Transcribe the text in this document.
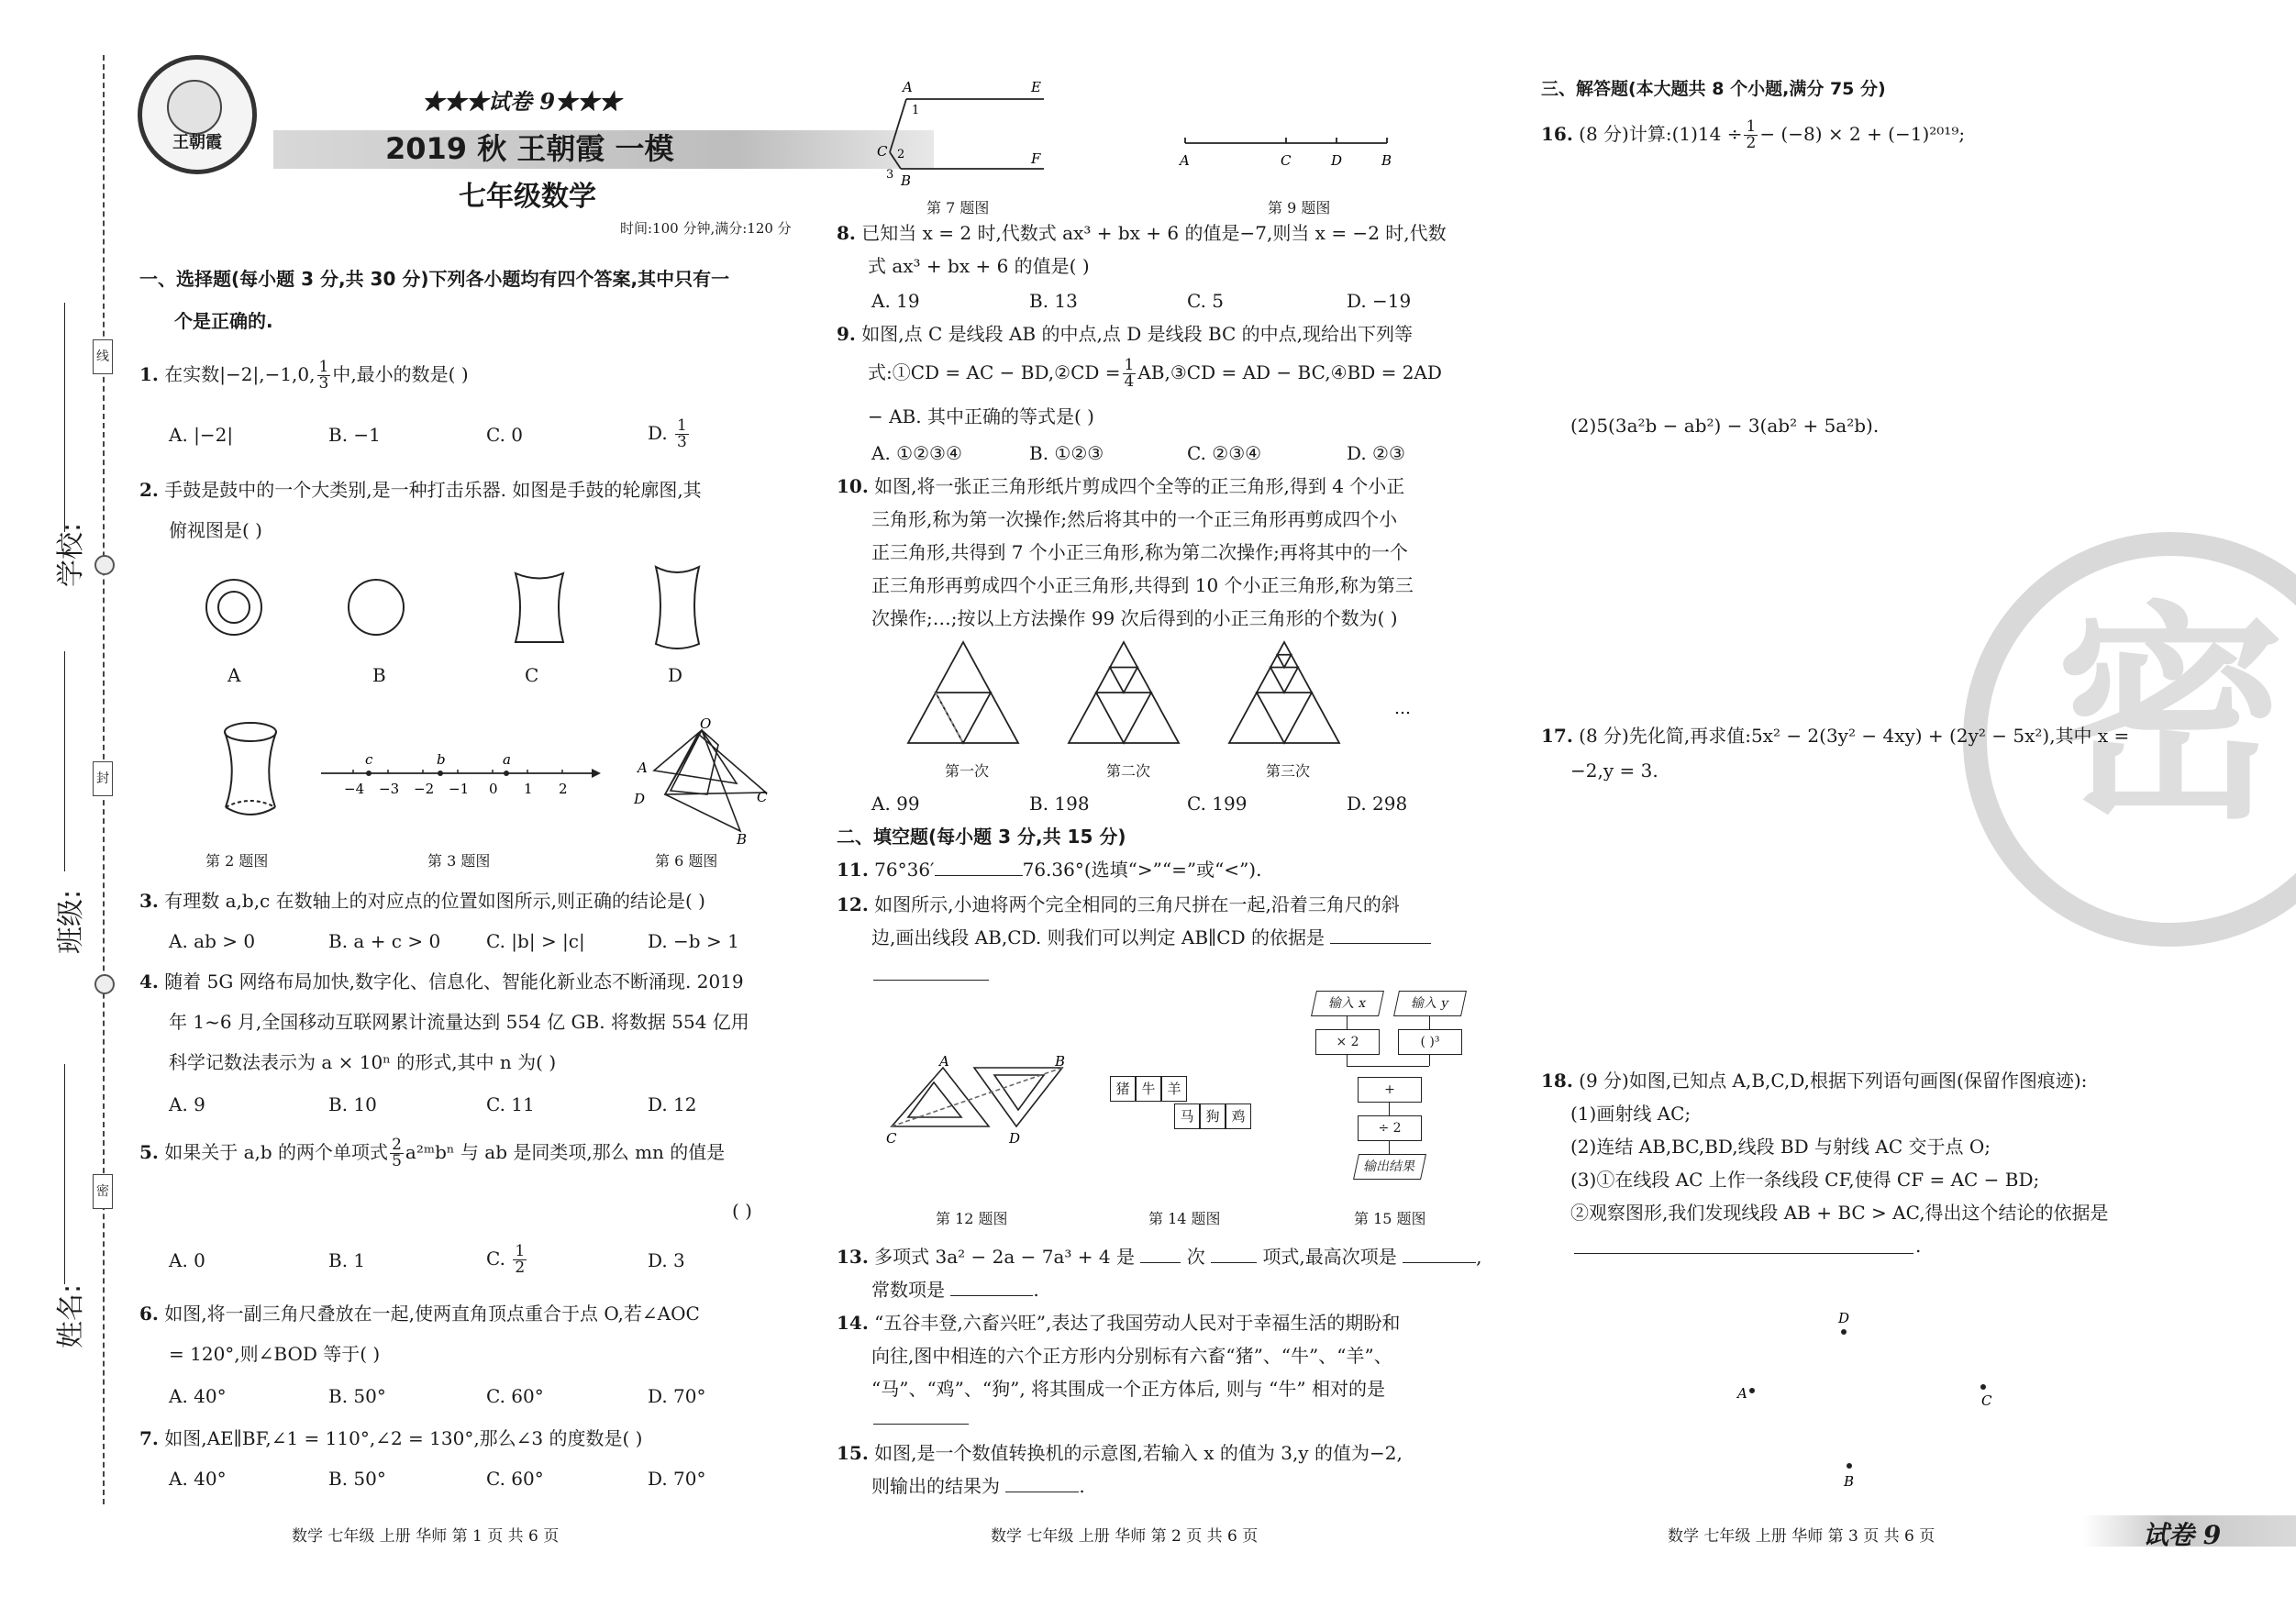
学校:
班级:
姓名:
线
封
密
王朝霞
★★★试卷 9★★★
2019 秋 王朝霞 一模
七年级数学
时间:100 分钟,满分:120 分
一、选择题(每小题 3 分,共 30 分)下列各小题均有四个答案,其中只有一
个是正确的.
1. 在实数|−2|,−1,0, $\frac{1}{3}$ 中,最小的数是( )
A. |−2|	B. −1	C. 0	D. $\frac{1}{3}$
2. 手鼓是鼓中的一个大类别,是一种打击乐器. 如图是手鼓的轮廓图,其
俯视图是( )
A	B	C	D
c	b	a
−4 −3 −2 −1 0 1 2
O
A
D	C
B
第 2 题图	第 3 题图	第 6 题图
3. 有理数 a,b,c 在数轴上的对应点的位置如图所示,则正确的结论是( )
A. ab > 0	B. a + c > 0 C. |b| > |c|	D. −b > 1
4. 随着 5G 网络布局加快,数字化、信息化、智能化新业态不断涌现. 2019
年 1~6 月,全国移动互联网累计流量达到 554 亿 GB. 将数据 554 亿用
科学记数法表示为 a × 10ⁿ 的形式,其中 n 为( )
A. 9	B. 10	C. 11	D. 12
5. 如果关于 a,b 的两个单项式 $\frac{2}{5}$ a²ᵐbⁿ 与 ab 是同类项,那么 mn 的值是
( )
A. 0	B. 1	C. $\frac{1}{2}$	D. 3
6. 如图,将一副三角尺叠放在一起,使两直角顶点重合于点 O,若∠AOC
= 120°,则∠BOD 等于( )
A. 40°	B. 50°	C. 60°	D. 70°
7. 如图,AE∥BF,∠1 = 110°,∠2 = 130°,那么∠3 的度数是( )
A. 40°	B. 50°	C. 60°	D. 70°
数学 七年级 上册 华师 第 1 页 共 6 页
A	E
F
C
B
1
2
3
第 7 题图
A	C	D	B
第 9 题图
8. 已知当 x = 2 时,代数式 ax³ + bx + 6 的值是−7,则当 x = −2 时,代数
式 ax³ + bx + 6 的值是( )
A. 19	B. 13	C. 5	D. −19
9. 如图,点 C 是线段 AB 的中点,点 D 是线段 BC 的中点,现给出下列等
式:①CD = AC − BD,②CD = $\frac{1}{4}$ AB,③CD = AD − BC,④BD = 2AD
− AB. 其中正确的等式是( )
A. ①②③④	B. ①②③	C. ②③④	D. ②③
10. 如图,将一张正三角形纸片剪成四个全等的正三角形,得到 4 个小正
三角形,称为第一次操作;然后将其中的一个正三角形再剪成四个小
正三角形,共得到 7 个小正三角形,称为第二次操作;再将其中的一个
正三角形再剪成四个小正三角形,共得到 10 个小正三角形,称为第三
次操作;…;按以上方法操作 99 次后得到的小正三角形的个数为( )
…
第一次	第二次	第三次
A. 99	B. 198	C. 199	D. 298
二、填空题(每小题 3 分,共 15 分)
11. 76°36′	76.36°(选填“>”“=”或“<”).
12. 如图所示,小迪将两个完全相同的三角尺拼在一起,沿着三角尺的斜
边,画出线段 AB,CD. 则我们可以判定 AB∥CD 的依据是
A	B
C	D
猪 牛 羊
马 狗 鸡
输入 x	输入 y
× 2	( )³
+
÷ 2
输出结果
第 12 题图	第 14 题图	第 15 题图
13. 多项式 3a² − 2a − 7a³ + 4 是	次	项式,最高次项是	,
常数项是	.
14. “五谷丰登,六畜兴旺”,表达了我国劳动人民对于幸福生活的期盼和
向往,图中相连的六个正方形内分别标有六畜“猪”、“牛”、“羊”、
“马”、“鸡”、“狗”, 将其围成一个正方体后, 则与 “牛” 相对的是
15. 如图,是一个数值转换机的示意图,若输入 x 的值为 3,y 的值为−2,
则输出的结果为	.
数学 七年级 上册 华师 第 2 页 共 6 页
密
三、解答题(本大题共 8 个小题,满分 75 分)
16. (8 分)计算:(1)14 ÷ $\frac{1}{2} - (-8) \times 2 + (-1)^{2019}$;
(2)5(3a²b − ab²) − 3(ab² + 5a²b).
17. (8 分)先化简,再求值:5x² − 2(3y² − 4xy) + (2y² − 5x²),其中 x =
−2,y = 3.
18. (9 分)如图,已知点 A,B,C,D,根据下列语句画图(保留作图痕迹):
(1)画射线 AC;
(2)连结 AB,BC,BD,线段 BD 与射线 AC 交于点 O;
(3)①在线段 AC 上作一条线段 CF,使得 CF = AC − BD;
②观察图形,我们发现线段 AB + BC > AC,得出这个结论的依据是
.
D
A	C
B
数学 七年级 上册 华师 第 3 页 共 6 页	试卷 9
